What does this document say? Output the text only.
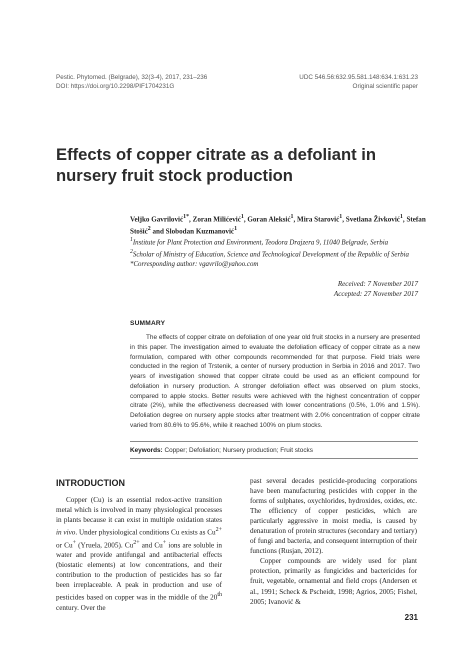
Pestic. Phytomed. (Belgrade), 32(3-4), 2017, 231–236
DOI: https://doi.org/10.2298/PIF1704231G
UDC 546.56:632.95.581.148:634.1:631.23
Original scientific paper
Effects of copper citrate as a defoliant in nursery fruit stock production
Veljko Gavrilović$^{1*}$, Zoran Milićević$^1$, Goran Aleksić$^1$, Mira Starović$^1$, Svetlana Živković$^1$, Stefan Stošić$^2$ and Slobodan Kuzmanović$^1$
$^1$Institute for Plant Protection and Environment, Teodora Drajzera 9, 11040 Belgrade, Serbia
$^2$Scholar of Ministry of Education, Science and Technological Development of the Republic of Serbia
*Corresponding author: vgavrilo@yahoo.com
Received: 7 November 2017
Accepted: 27 November 2017
SUMMARY
The effects of copper citrate on defoliation of one year old fruit stocks in a nursery are presented in this paper. The investigation aimed to evaluate the defoliation efficacy of copper citrate as a new formulation, compared with other compounds recommended for that purpose. Field trials were conducted in the region of Trstenik, a center of nursery production in Serbia in 2016 and 2017. Two years of investigation showed that copper citrate could be used as an efficient compound for defoliation in nursery production. A stronger defoliation effect was observed on plum stocks, compared to apple stocks. Better results were achieved with the highest concentration of copper citrate (2%), while the effectiveness decreased with lower concentrations (0.5%, 1.0% and 1.5%). Defoliation degree on nursery apple stocks after treatment with 2.0% concentration of copper citrate varied from 80.6% to 95.6%, while it reached 100% on plum stocks.
Keywords: Copper; Defoliation; Nursery production; Fruit stocks
INTRODUCTION
Copper (Cu) is an essential redox-active transition metal which is involved in many physiological processes in plants because it can exist in multiple oxidation states in vivo. Under physiological conditions Cu exists as $Cu^{2+}$ or Cu+ (Yruela, 2005). $Cu^{2+}$ and Cu+ ions are soluble in water and provide antifungal and antibacterial effects (biostatic elements) at low concentrations, and their contribution to the production of pesticides has so far been irreplaceable. A peak in production and use of pesticides based on copper was in the middle of the 20th century. Over the

past several decades pesticide-producing corporations have been manufacturing pesticides with copper in the forms of sulphates, oxychlorides, hydroxides, oxides, etc. The efficiency of copper pesticides, which are particularly aggressive in moist media, is caused by denaturation of protein structures (secondary and tertiary) of fungi and bacteria, and consequent interruption of their functions (Rusjan, 2012).

Copper compounds are widely used for plant protection, primarily as fungicides and bactericides for fruit, vegetable, ornamental and field crops (Andersen et al., 1991; Scheck & Pscheidt, 1998; Agrios, 2005; Fishel, 2005; Ivanović &

231
